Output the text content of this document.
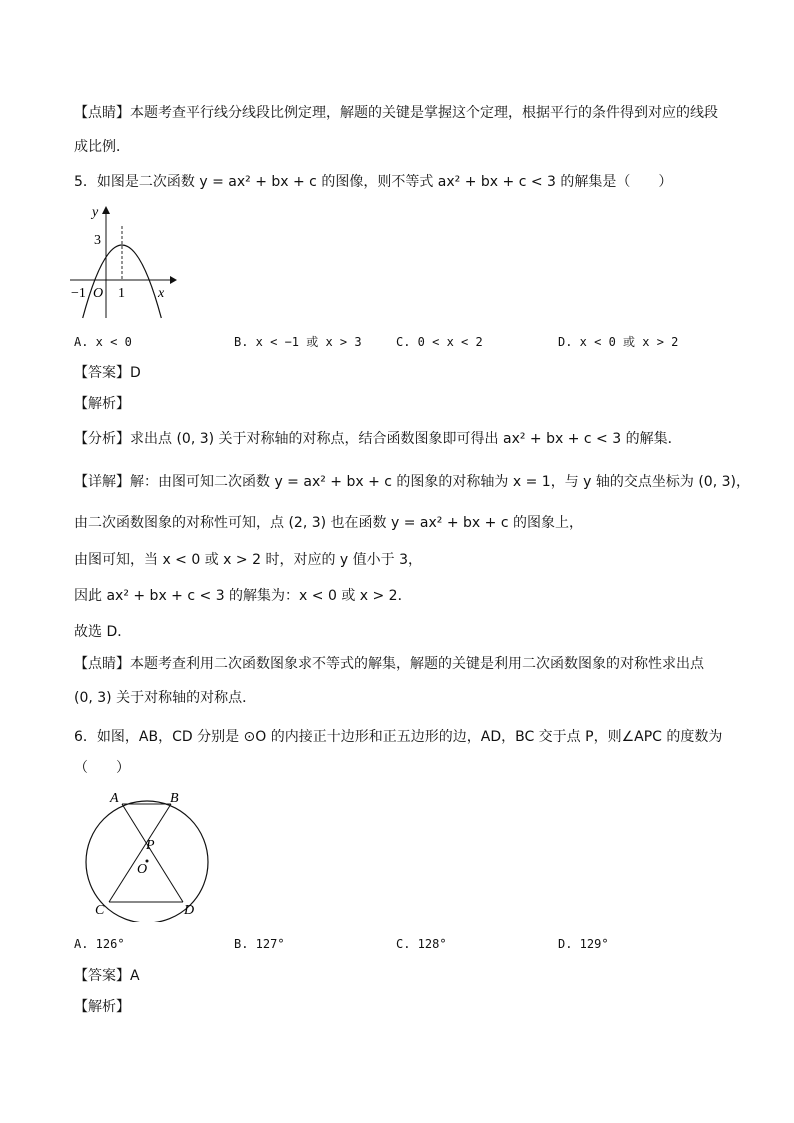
【点睛】本题考查平行线分线段比例定理，解题的关键是掌握这个定理，根据平行的条件得到对应的线段
成比例．
5．如图是二次函数 y = ax² + bx + c 的图像，则不等式 ax² + bx + c < 3 的解集是（　　）
y
3
−1 O 1 x
A. x < 0	B. x < −1 或 x > 3	C. 0 < x < 2	D. x < 0 或 x > 2
【答案】D
【解析】
【分析】求出点 (0, 3) 关于对称轴的对称点，结合函数图象即可得出 ax² + bx + c < 3 的解集．
【详解】解：由图可知二次函数 y = ax² + bx + c 的图象的对称轴为 x = 1，与 y 轴的交点坐标为 (0, 3)，
由二次函数图象的对称性可知，点 (2, 3) 也在函数 y = ax² + bx + c 的图象上，
由图可知，当 x < 0 或 x > 2 时，对应的 y 值小于 3，
因此 ax² + bx + c < 3 的解集为：x < 0 或 x > 2．
故选 D．
【点睛】本题考查利用二次函数图象求不等式的解集，解题的关键是利用二次函数图象的对称性求出点
(0, 3) 关于对称轴的对称点．
6．如图，AB，CD 分别是 ⊙O 的内接正十边形和正五边形的边，AD，BC 交于点 P，则∠APC 的度数为
（　　）
A	B
C	D
P
O
A. 126°	B. 127°	C. 128°	D. 129°
【答案】A
【解析】
